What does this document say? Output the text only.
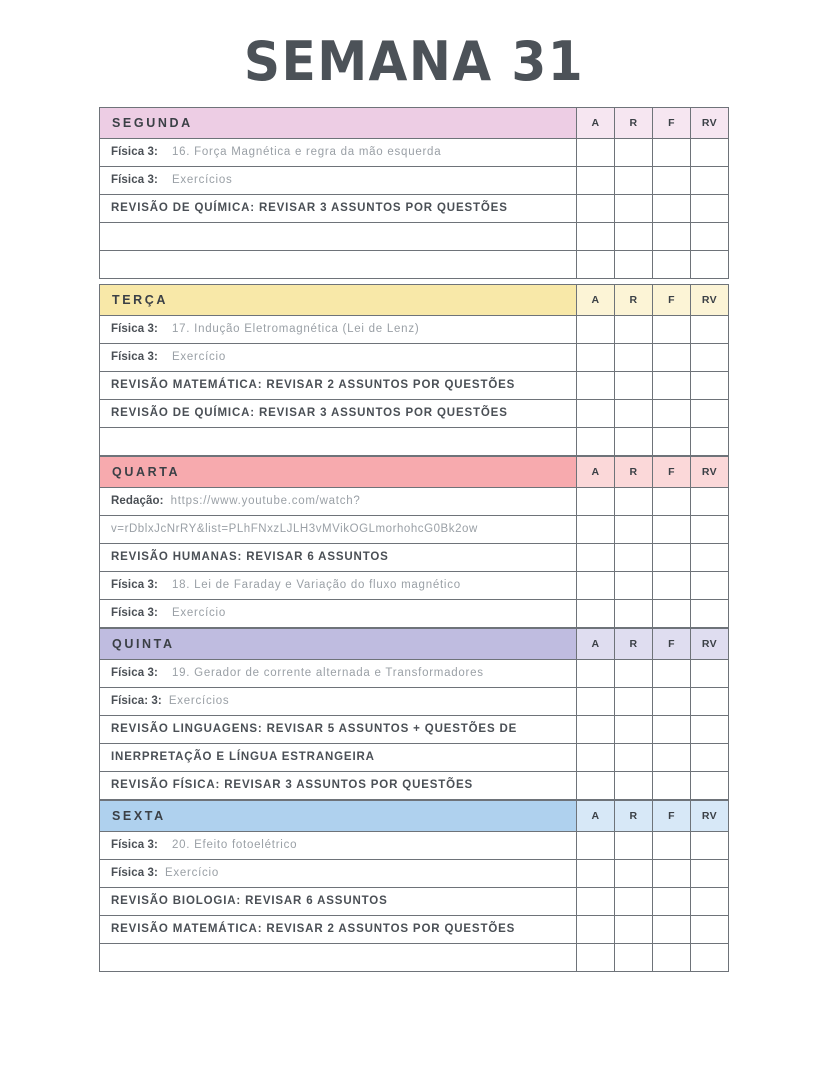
SEMANA 31
SEGUNDA	A	R	F	RV
Física 3: 16. Força Magnética e regra da mão esquerda
Física 3: Exercícios
REVISÃO DE QUÍMICA: REVISAR 3 ASSUNTOS POR QUESTÕES
TERÇA	A	R	F	RV
Física 3: 17. Indução Eletromagnética (Lei de Lenz)
Física 3: Exercício
REVISÃO MATEMÁTICA: REVISAR 2 ASSUNTOS POR QUESTÕES
REVISÃO DE QUÍMICA: REVISAR 3 ASSUNTOS POR QUESTÕES
QUARTA	A	R	F	RV
Redação: https://www.youtube.com/watch?
v=rDblxJcNrRY&list=PLhFNxzLJLH3vMVikOGLmorhohcG0Bk2ow
REVISÃO HUMANAS: REVISAR 6 ASSUNTOS
Física 3: 18. Lei de Faraday e Variação do fluxo magnético
Física 3: Exercício
QUINTA	A	R	F	RV
Física 3: 19. Gerador de corrente alternada e Transformadores
Física: 3: Exercícios
REVISÃO LINGUAGENS: REVISAR 5 ASSUNTOS + QUESTÕES DE
INERPRETAÇÃO E LÍNGUA ESTRANGEIRA
REVISÃO FÍSICA: REVISAR 3 ASSUNTOS POR QUESTÕES
SEXTA	A	R	F	RV
Física 3: 20. Efeito fotoelétrico
Física 3: Exercício
REVISÃO BIOLOGIA: REVISAR 6 ASSUNTOS
REVISÃO MATEMÁTICA: REVISAR 2 ASSUNTOS POR QUESTÕES
